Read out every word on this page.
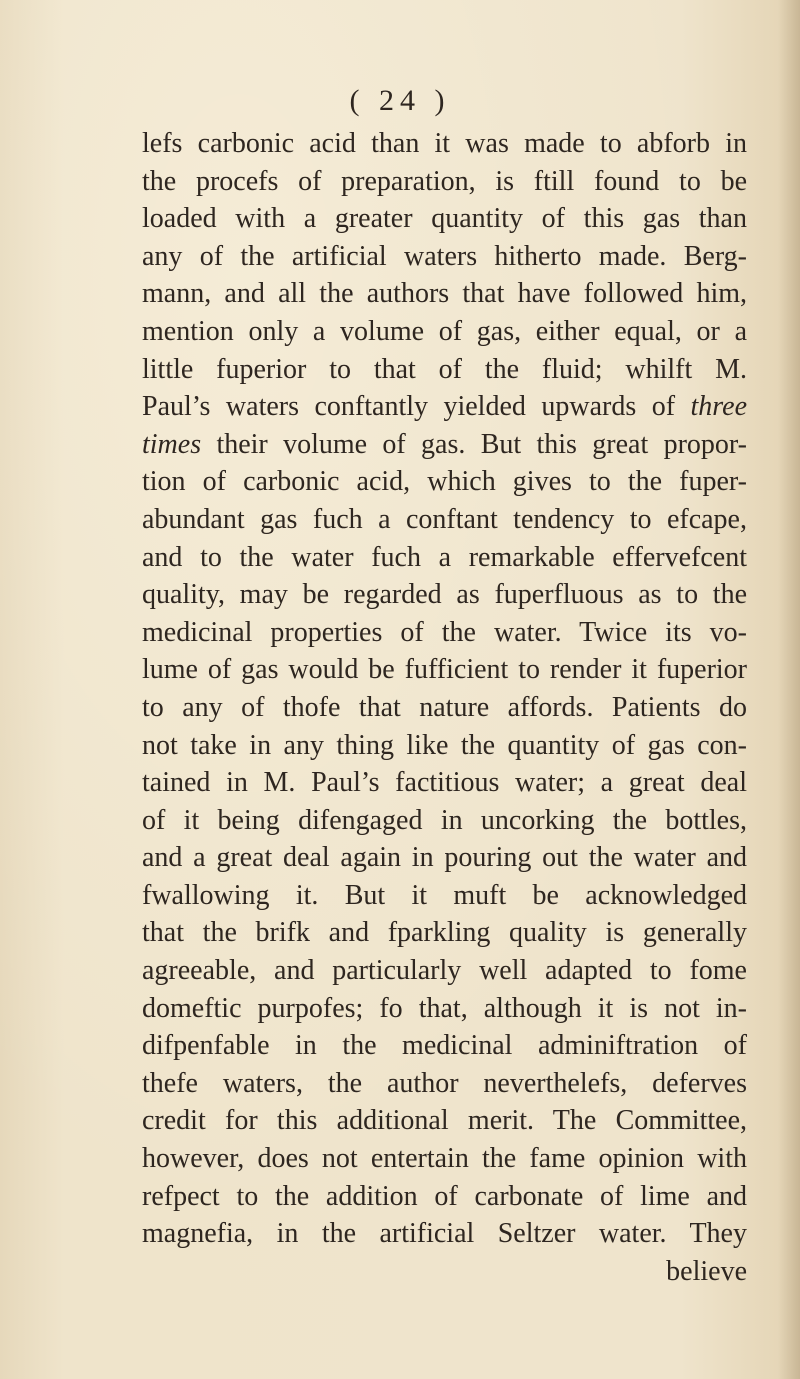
( 24 )
lefs carbonic acid than it was made to abforb in
the procefs of preparation, is ftill found to be
loaded with a greater quantity of this gas than
any of the artificial waters hitherto made. Berg-
mann, and all the authors that have followed him,
mention only a volume of gas, either equal, or a
little fuperior to that of the fluid; whilft M.
Paul’s waters conftantly yielded upwards of three
times their volume of gas. But this great propor-
tion of carbonic acid, which gives to the fuper-
abundant gas fuch a conftant tendency to efcape,
and to the water fuch a remarkable effervefcent
quality, may be regarded as fuperfluous as to the
medicinal properties of the water. Twice its vo-
lume of gas would be fufficient to render it fuperior
to any of thofe that nature affords. Patients do
not take in any thing like the quantity of gas con-
tained in M. Paul’s factitious water; a great deal
of it being difengaged in uncorking the bottles,
and a great deal again in pouring out the water and
fwallowing it. But it muft be acknowledged
that the brifk and fparkling quality is generally
agreeable, and particularly well adapted to fome
domeftic purpofes; fo that, although it is not in-
difpenfable in the medicinal adminiftration of
thefe waters, the author neverthelefs, deferves
credit for this additional merit. The Committee,
however, does not entertain the fame opinion with
refpect to the addition of carbonate of lime and
magnefia, in the artificial Seltzer water. They
believe
